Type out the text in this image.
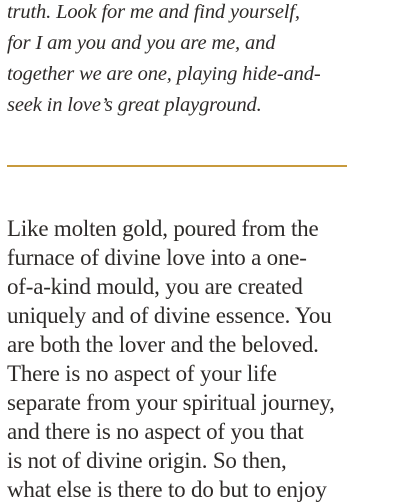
truth. Look for me and find yourself,
for I am you and you are me, and
together we are one, playing hide-and-
seek in love’s great playground.

Like molten gold, poured from the
furnace of divine love into a one-
of-a-kind mould, you are created
uniquely and of divine essence. You
are both the lover and the beloved.
There is no aspect of your life
separate from your spiritual journey,
and there is no aspect of you that
is not of divine origin. So then,
what else is there to do but to enjoy
